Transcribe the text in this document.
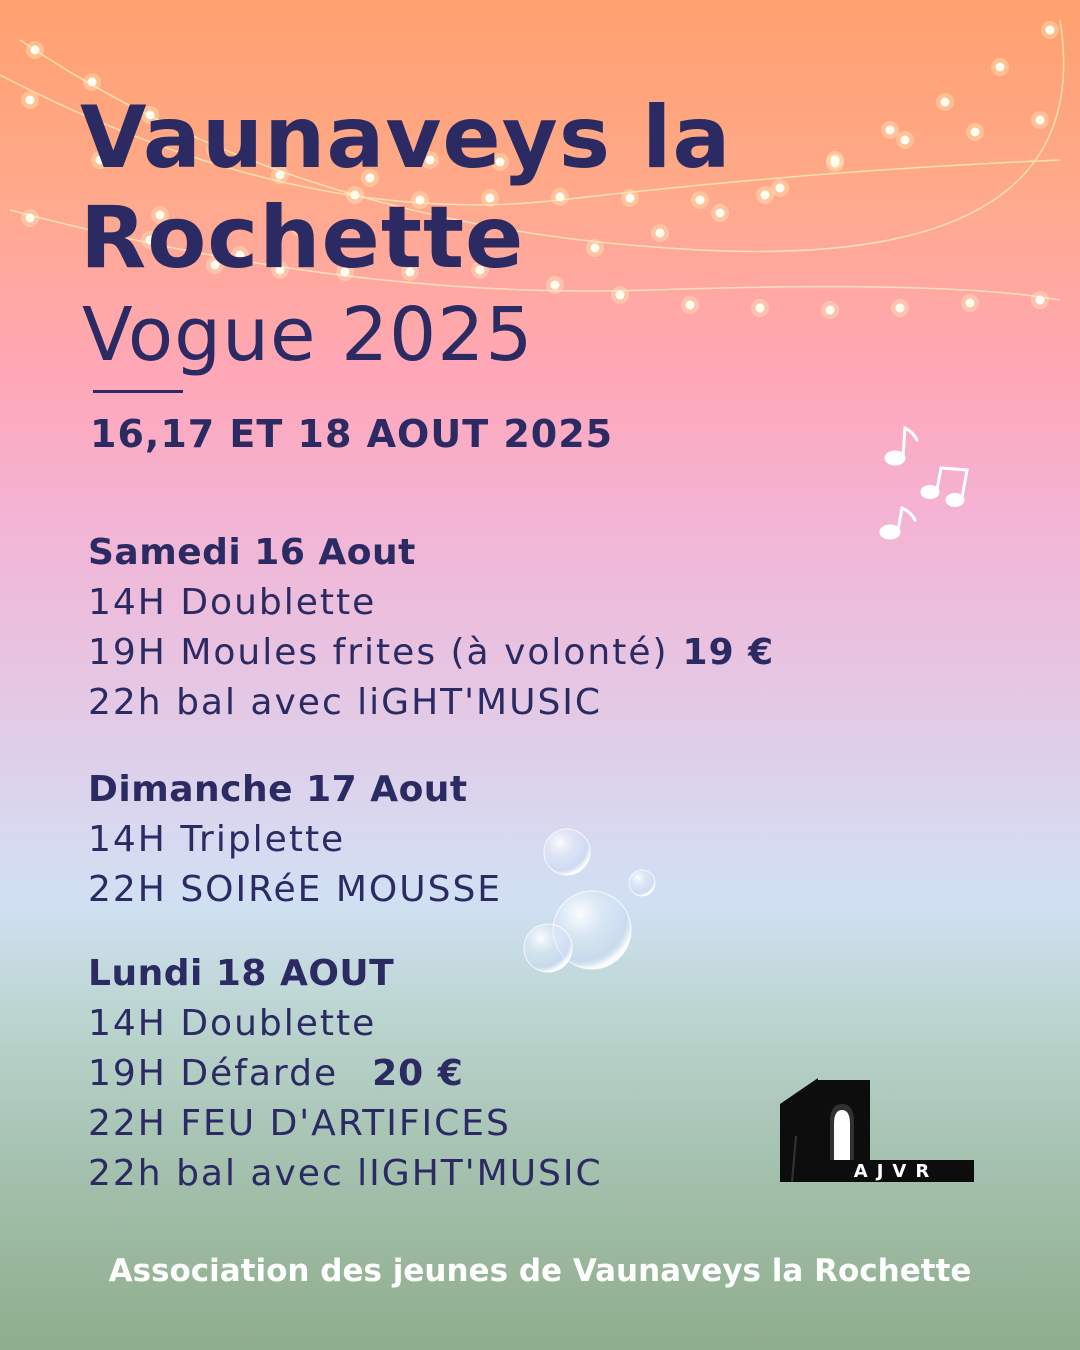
Vaunaveys la Rochette
Vogue 2025
16,17 ET 18 AOUT 2025
Samedi 16 Aout
14H Doublette
19H Moules frites (à volonté) 19 €
22h bal avec liGHT'MUSIC
Dimanche 17 Aout
14H Triplette
22H SOIRéE MOUSSE
Lundi 18 AOUT
14H Doublette
19H Défarde 20 €
22H FEU D'ARTIFICES
22h bal avec lIGHT'MUSIC	AJVR
Association des jeunes de Vaunaveys la Rochette
